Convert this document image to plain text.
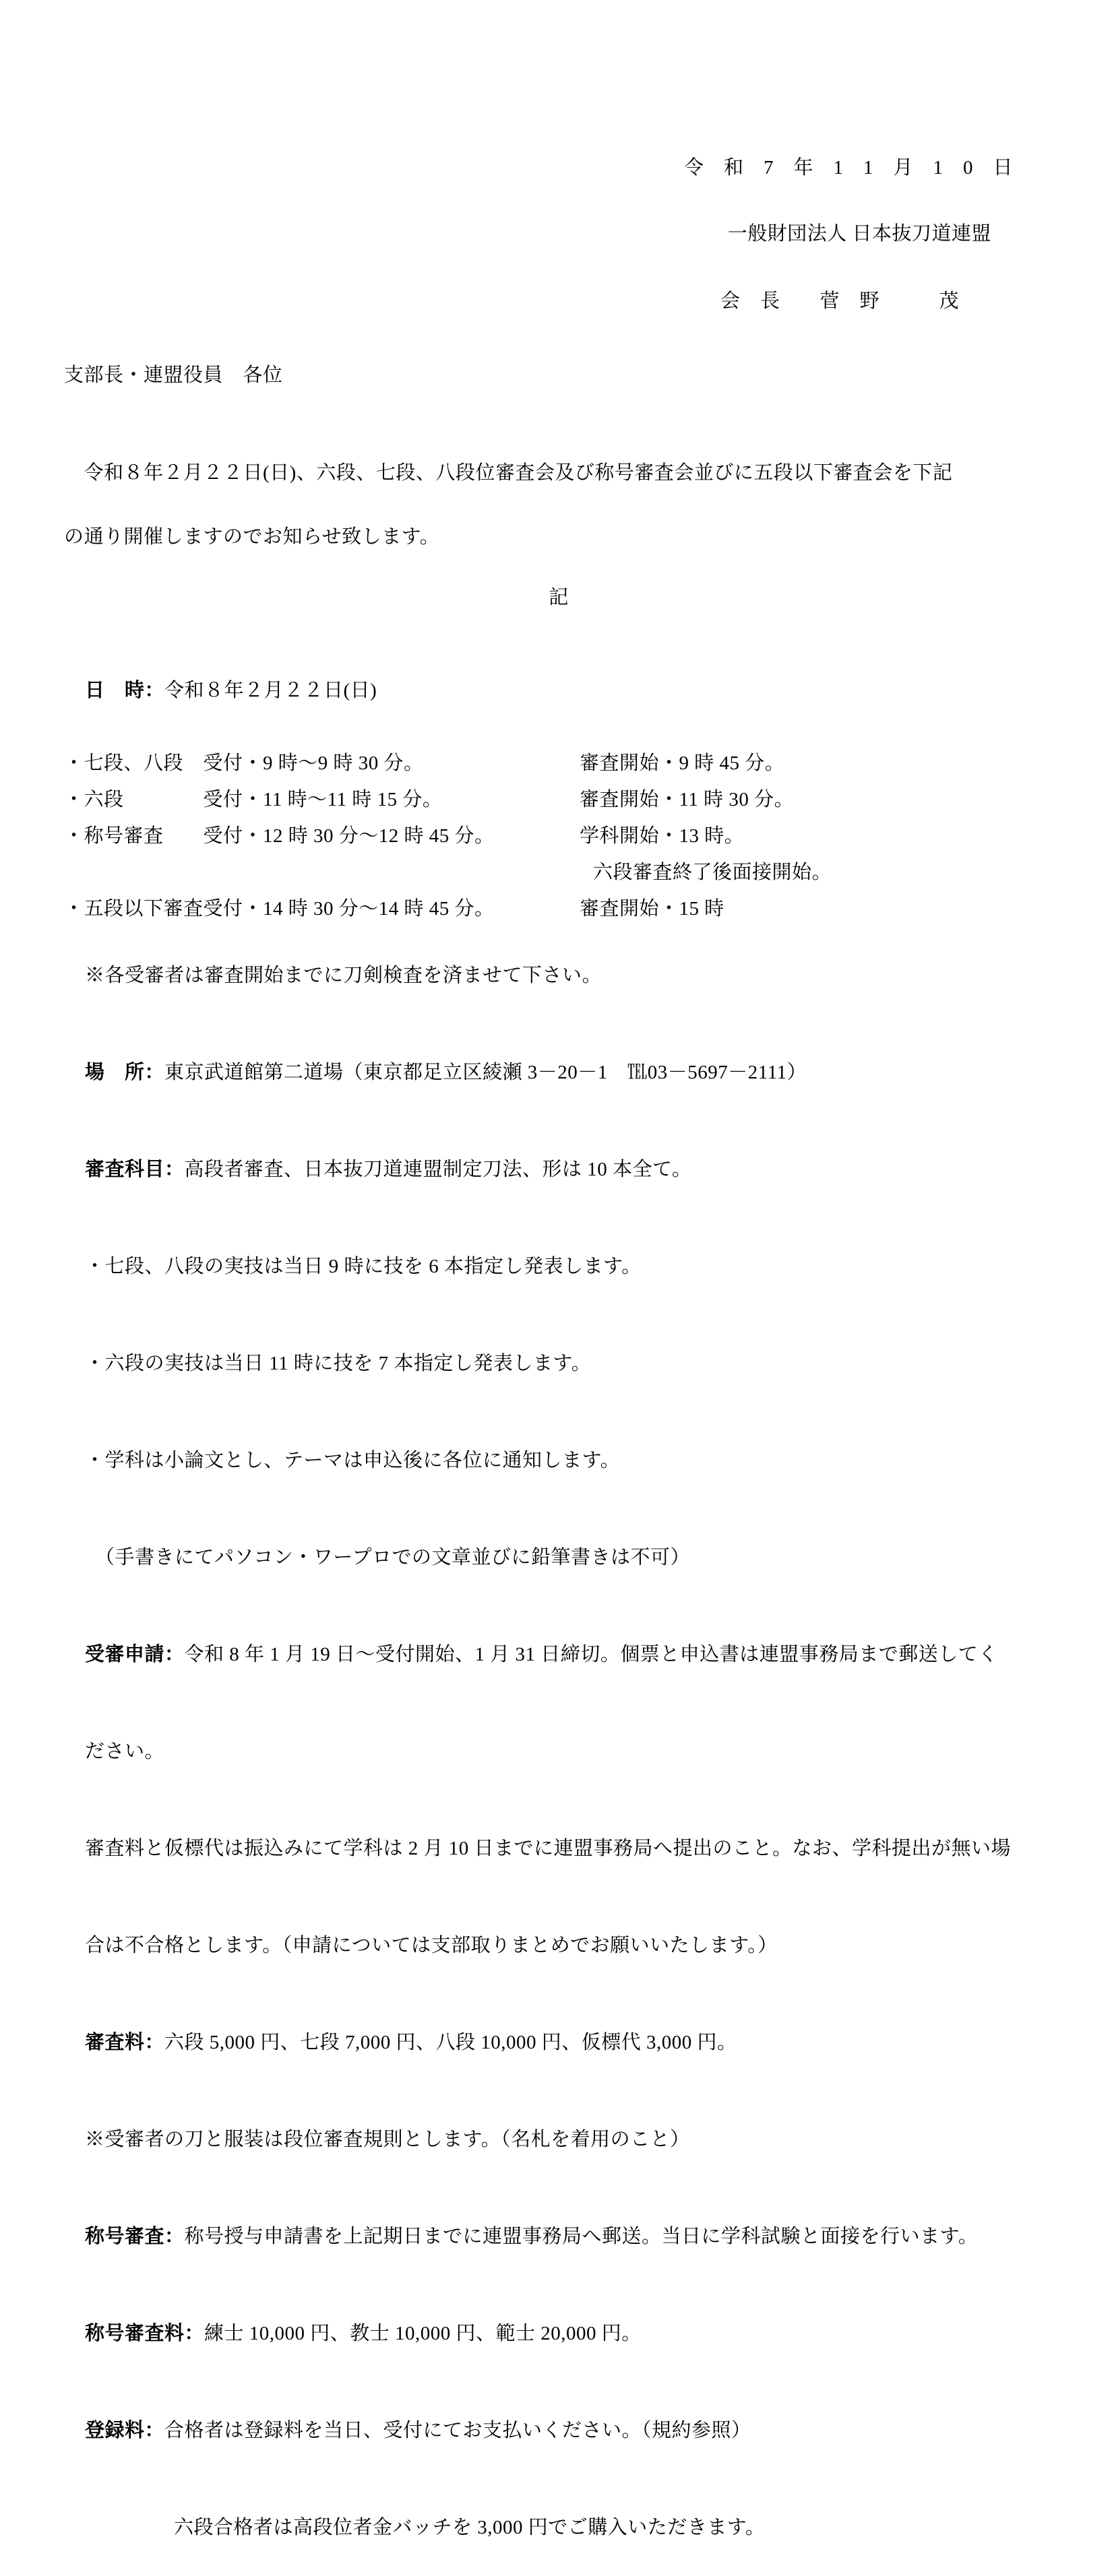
令　和　7　年　1　1　月　1　0　日
一般財団法人 日本抜刀道連盟
会　長　　菅　野　　　茂
支部長・連盟役員　各位
　令和８年２月２２日(日)、六段、七段、八段位審査会及び称号審査会並びに五段以下審査会を下記
の通り開催しますのでお知らせ致します。
記

日　時：令和８年２月２２日(日)

・七段、八段　受付・9 時～9 時 30 分。	審査開始・9 時 45 分。
・六段　　　　受付・11 時～11 時 15 分。	審査開始・11 時 30 分。
・称号審査　　受付・12 時 30 分～12 時 45 分。	学科開始・13 時。
六段審査終了後面接開始。
・五段以下審査受付・14 時 30 分～14 時 45 分。	審査開始・15 時

※各受審者は審査開始までに刀剣検査を済ませて下さい。

場　所：東京武道館第二道場（東京都足立区綾瀬 3－20－1　℡03－5697－2111）

審査科目：高段者審査、日本抜刀道連盟制定刀法、形は 10 本全て。

・七段、八段の実技は当日 9 時に技を 6 本指定し発表します。

・六段の実技は当日 11 時に技を 7 本指定し発表します。

・学科は小論文とし、テーマは申込後に各位に通知します。

　（手書きにてパソコン・ワープロでの文章並びに鉛筆書きは不可）

受審申請：令和 8 年 1 月 19 日～受付開始、1 月 31 日締切。個票と申込書は連盟事務局まで郵送してく

ださい。

審査料と仮標代は振込みにて学科は 2 月 10 日までに連盟事務局へ提出のこと。なお、学科提出が無い場

合は不合格とします。（申請については支部取りまとめでお願いいたします。）

審査料：六段 5,000 円、七段 7,000 円、八段 10,000 円、仮標代 3,000 円。

※受審者の刀と服装は段位審査規則とします。（名札を着用のこと）

称号審査：称号授与申請書を上記期日までに連盟事務局へ郵送。当日に学科試験と面接を行います。

称号審査料：練士 10,000 円、教士 10,000 円、範士 20,000 円。

登録料：合格者は登録料を当日、受付にてお支払いください。（規約参照）

六段合格者は高段位者金バッチを 3,000 円でご購入いただきます。
